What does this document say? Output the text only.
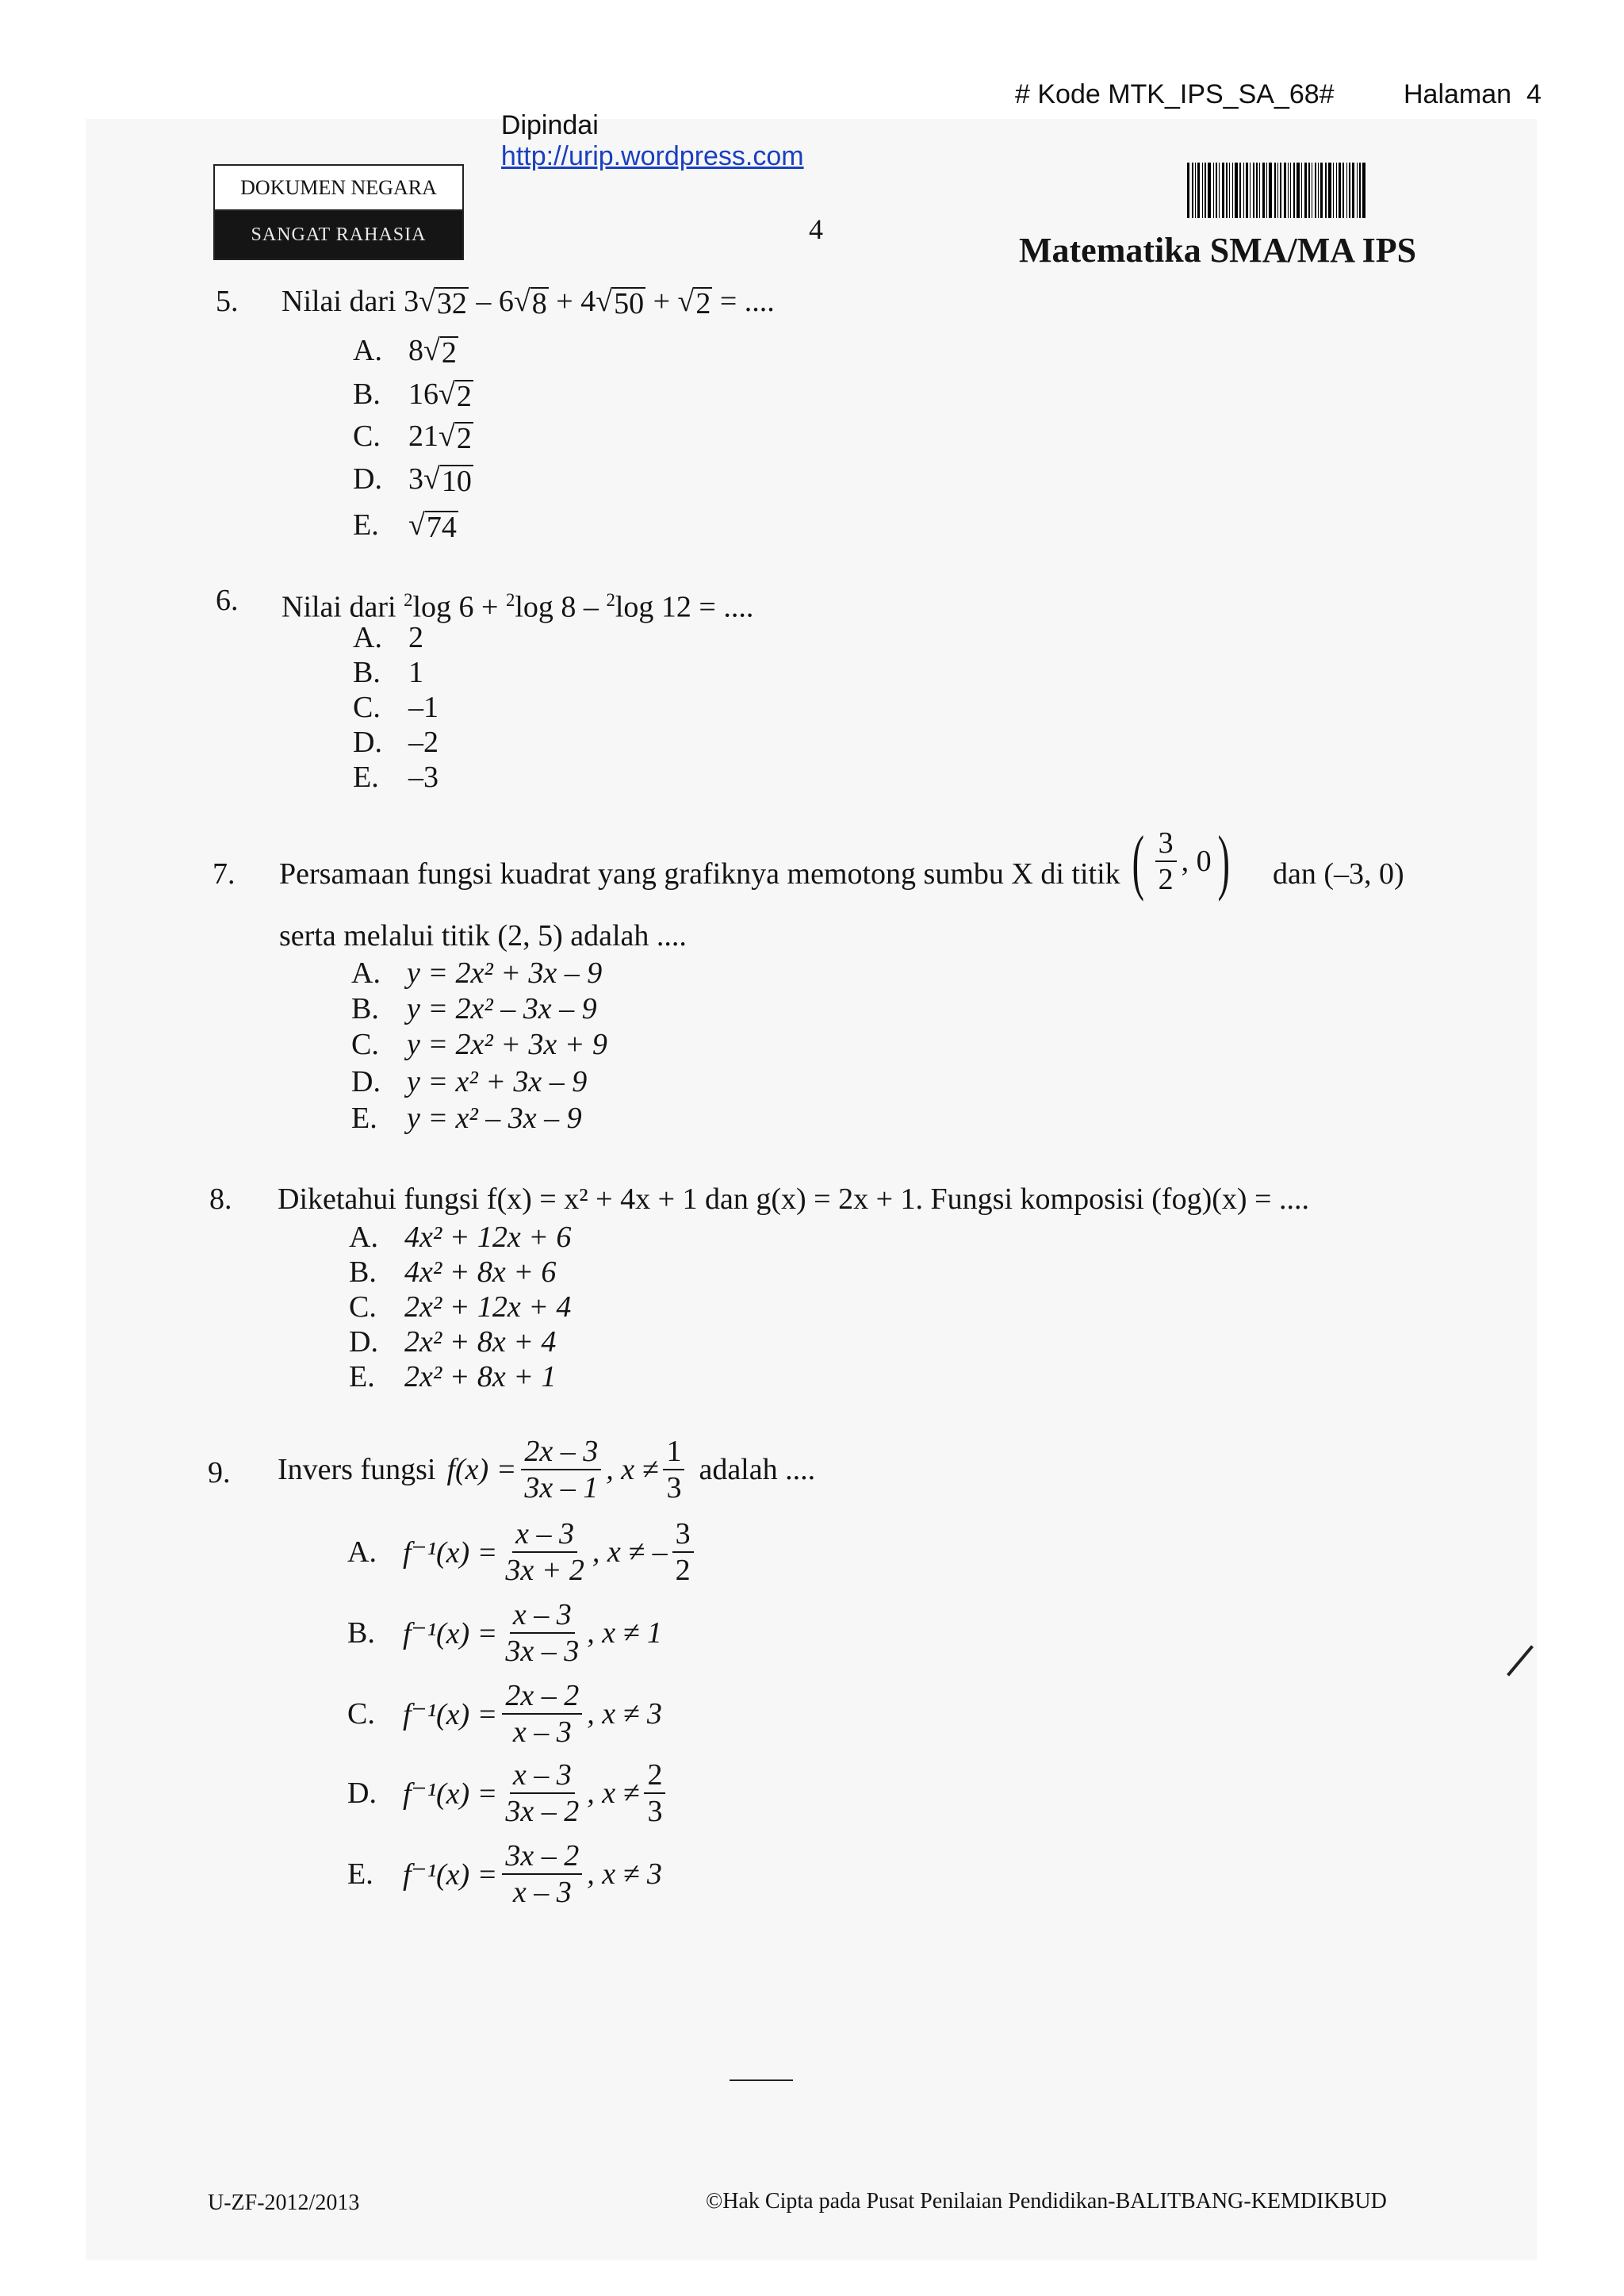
Dipindai
http://urip.wordpress.com

# Kode MTK_IPS_SA_68#	Halaman  4
DOKUMEN NEGARA
SANGAT RAHASIA	4
Matematika SMA/MA IPS
5. Nilai dari 3 √ 32 – 6 √ 8 + 4 √ 50 + √ 2 = ....
A. 8 √ 2
B. 16 √ 2
C. 21 √ 2
D. 3 √ 10
E. √ 74
6. Nilai dari $^2$log 6 + $^2$log 8 – $^2$log 12 = ....
A. 2
B. 1
C. –1
D. –2
E. –3
7. Persamaan fungsi kuadrat yang grafiknya memotong sumbu X di titik ( $\frac{3}{2}$ , 0 ) dan (–3, 0)
serta melalui titik (2, 5) adalah ....
A. y = 2x² + 3x – 9
B. y = 2x² – 3x – 9
C. y = 2x² + 3x + 9
D. y = x² + 3x – 9
E. y = x² – 3x – 9
8. Diketahui fungsi f(x) = x² + 4x + 1 dan g(x) = 2x + 1. Fungsi komposisi (fog)(x) = ....
A. 4x² + 12x + 6
B. 4x² + 8x + 6
C. 2x² + 12x + 4
D. 2x² + 8x + 4
E. 2x² + 8x + 1
9. Invers fungsi $f(x) = \frac{2x - 3}{3x - 1}$ , $x \ne \frac{1}{3}$ adalah ....
A. $f^{-1}(x) = \frac{x - 3}{3x + 2}$ , x ≠ – $\frac{3}{2}$
B. $f^{-1}(x) = \frac{x - 3}{3x - 3}$ , x ≠ 1
C. $f^{-1}(x) = \frac{2x - 2}{x - 3}$ , x ≠ 3
D. $f^{-1}(x) = \frac{x - 3}{3x - 2}$ , $x \ne \frac{2}{3}$
E. $f^{-1}(x) = \frac{3x - 2}{x - 3}$ , x ≠ 3
U-ZF-2012/2013	©Hak Cipta pada Pusat Penilaian Pendidikan-BALITBANG-KEMDIKBUD
